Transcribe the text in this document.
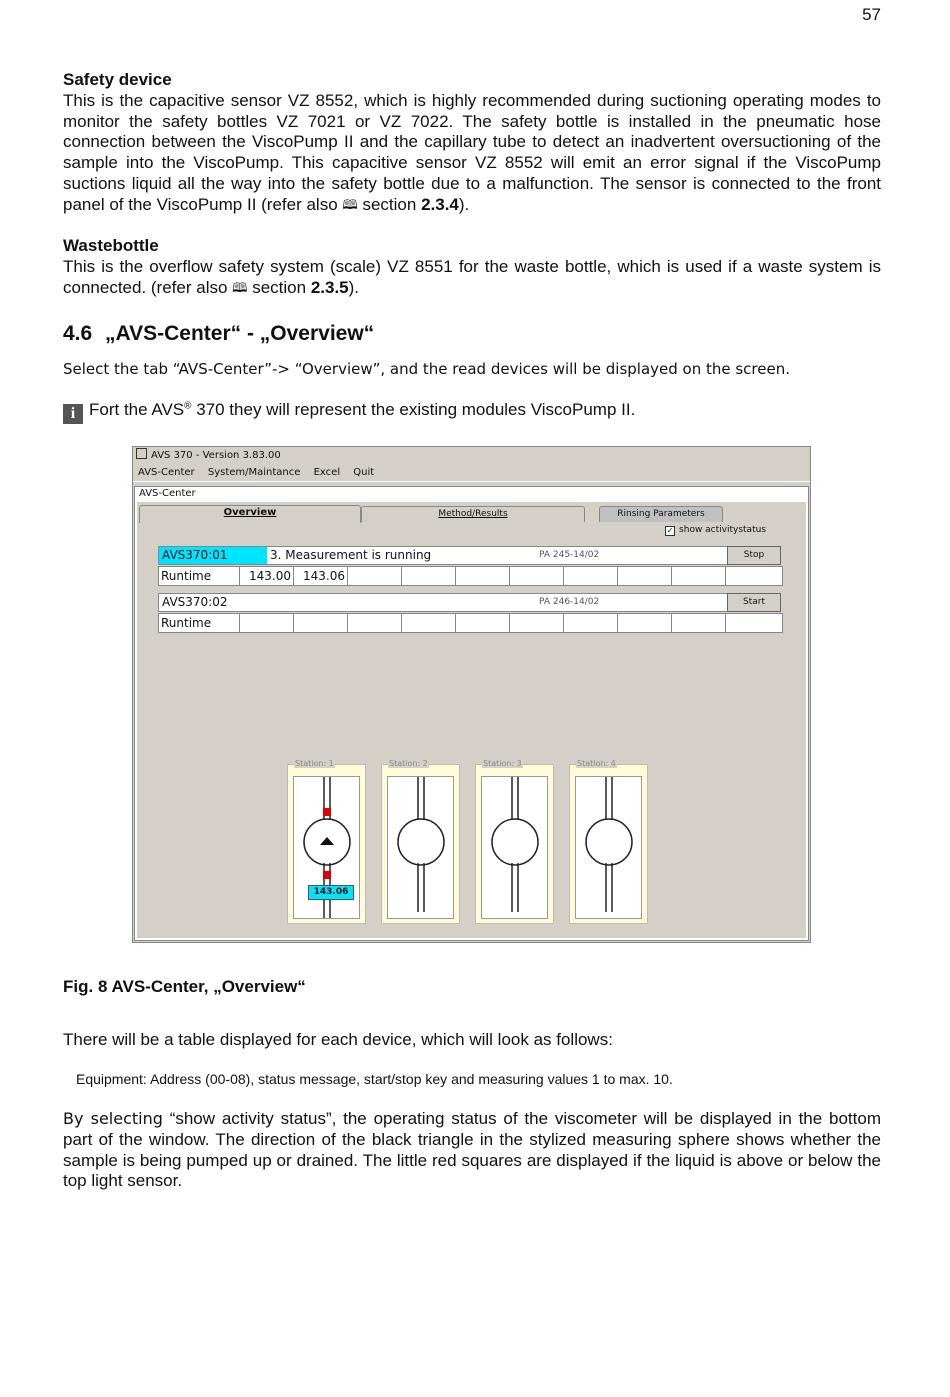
57
Safety device
This is the capacitive sensor VZ 8552, which is highly recommended during suctioning operating modes to monitor the safety bottles VZ 7021 or VZ 7022. The safety bottle is installed in the pneumatic hose connection between the ViscoPump II and the capillary tube to detect an inadvertent oversuctioning of the sample into the ViscoPump. This capacitive sensor VZ 8552 will emit an error signal if the ViscoPump suctions liquid all the way into the safety bottle due to a malfunction. The sensor is connected to the front panel of the ViscoPump II (refer also 🕮 section 2.3.4).
Wastebottle
This is the overflow safety system (scale) VZ 8551 for the waste bottle, which is used if a waste system is connected. (refer also 🕮 section 2.3.5).
4.6 „AVS-Center“ - „Overview“
Select the tab “AVS-Center”-> “Overview”, and the read devices will be displayed on the screen.
i Fort the AVS® 370 they will represent the existing modules ViscoPump II.
AVS 370 - Version 3.83.00
AVS-Center System/Maintance Excel Quit
AVS-Center
Overview	Method/Results	Rinsing Parameters
✓ show activitystatus
AVS370:01	3. Measurement is running	PA 245-14/02	Stop
Runtime	143.00	143.06
AVS370:02	PA 246-14/02	Start
Runtime
Station: 1
143.06
Station: 2	Station: 3	Station: 4
Fig. 8 AVS-Center, „Overview“
There will be a table displayed for each device, which will look as follows:
Equipment: Address (00-08), status message, start/stop key and measuring values 1 to max. 10.
By selecting “show activity status”, the operating status of the viscometer will be displayed in the bottom part of the window. The direction of the black triangle in the stylized measuring sphere shows whether the sample is being pumped up or drained. The little red squares are displayed if the liquid is above or below the top light sensor.
